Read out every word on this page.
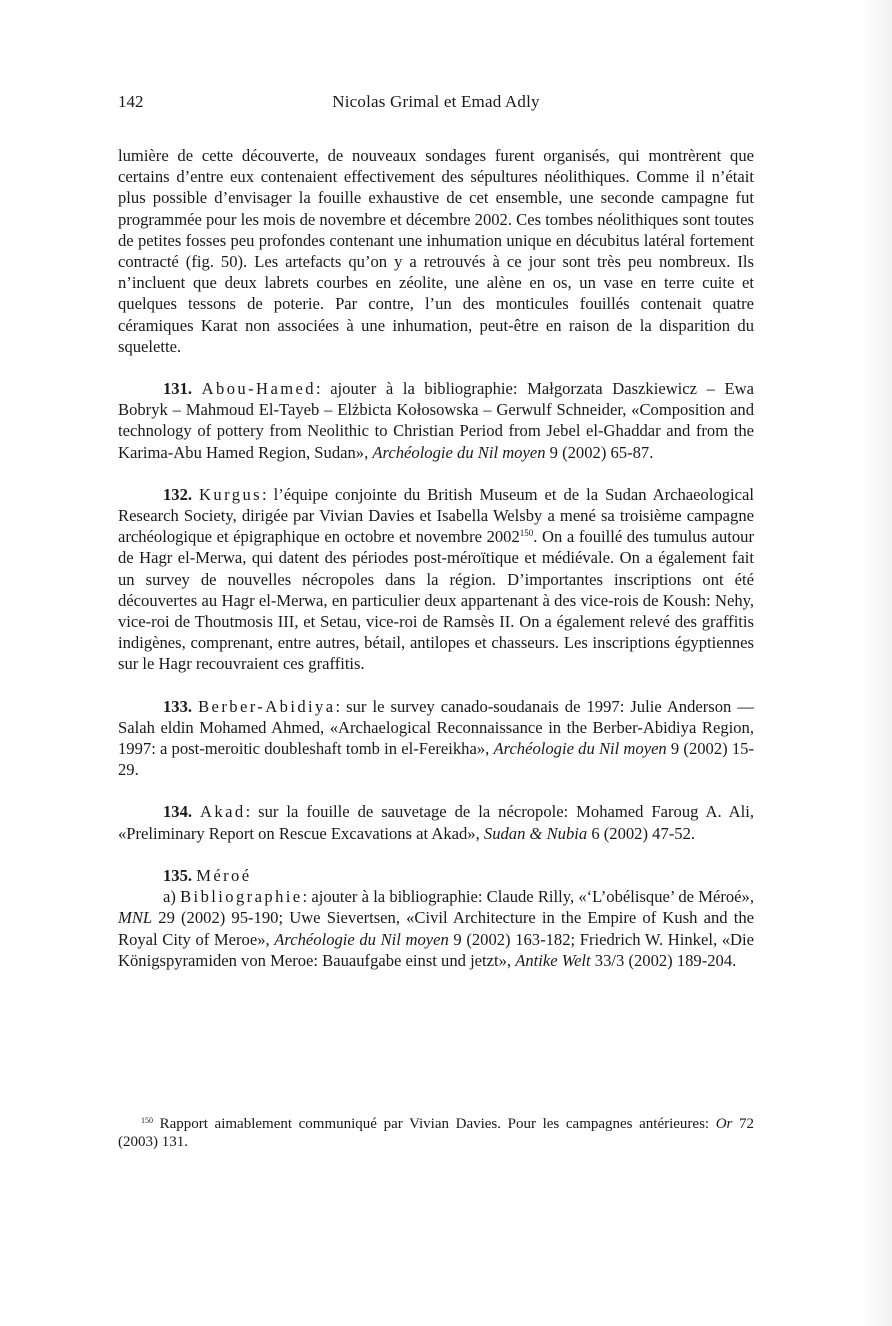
142	Nicolas Grimal et Emad Adly

lumière de cette découverte, de nouveaux sondages furent organisés, qui montrèrent que certains d’entre eux contenaient effectivement des sépultures néolithiques. Comme il n’était plus possible d’envisager la fouille exhaustive de cet ensemble, une seconde campagne fut programmée pour les mois de novembre et décembre 2002. Ces tombes néolithiques sont toutes de petites fosses peu profondes contenant une inhumation unique en décubitus latéral fortement contracté (fig. 50). Les artefacts qu’on y a retrouvés à ce jour sont très peu nombreux. Ils n’incluent que deux labrets courbes en zéolite, une alène en os, un vase en terre cuite et quelques tessons de poterie. Par contre, l’un des monticules fouillés contenait quatre céramiques Karat non associées à une inhumation, peut-être en raison de la disparition du squelette.

131. Abou-Hamed: ajouter à la bibliographie: Małgorzata Daszkiewicz – Ewa Bobryk – Mahmoud El-Tayeb – Elżbicta Kołosowska – Gerwulf Schneider, «Composition and technology of pottery from Neolithic to Christian Period from Jebel el-Ghaddar and from the Karima-Abu Hamed Region, Sudan», Archéologie du Nil moyen 9 (2002) 65-87.

132. Kurgus: l’équipe conjointe du British Museum et de la Sudan Archaeological Research Society, dirigée par Vivian Davies et Isabella Welsby a mené sa troisième campagne archéologique et épigraphique en octobre et novembre 2002$^{150}$. On a fouillé des tumulus autour de Hagr el-Merwa, qui datent des périodes post-méroïtique et médiévale. On a également fait un survey de nouvelles nécropoles dans la région. D’importantes inscriptions ont été découvertes au Hagr el-Merwa, en particulier deux appartenant à des vice-rois de Koush: Nehy, vice-roi de Thoutmosis III, et Setau, vice-roi de Ramsès II. On a également relevé des graffitis indigènes, comprenant, entre autres, bétail, antilopes et chasseurs. Les inscriptions égyptiennes sur le Hagr recouvraient ces graffitis.

133. Berber-Abidiya: sur le survey canado-soudanais de 1997: Julie Anderson — Salah eldin Mohamed Ahmed, «Archaelogical Reconnaissance in the Berber-Abidiya Region, 1997: a post-meroitic doubleshaft tomb in el-Fereikha», Archéologie du Nil moyen 9 (2002) 15-29.

134. Akad: sur la fouille de sauvetage de la nécropole: Mohamed Faroug A. Ali, «Preliminary Report on Rescue Excavations at Akad», Sudan & Nubia 6 (2002) 47-52.

135. Méroé

a) Bibliographie: ajouter à la bibliographie: Claude Rilly, «‘L’obélisque’ de Méroé», MNL 29 (2002) 95-190; Uwe Sievertsen, «Civil Architecture in the Empire of Kush and the Royal City of Meroe», Archéologie du Nil moyen 9 (2002) 163-182; Friedrich W. Hinkel, «Die Königspyramiden von Meroe: Bauaufgabe einst und jetzt», Antike Welt 33/3 (2002) 189-204.

$^{150}$ Rapport aimablement communiqué par Vivian Davies. Pour les campagnes antérieures: Or 72 (2003) 131.
